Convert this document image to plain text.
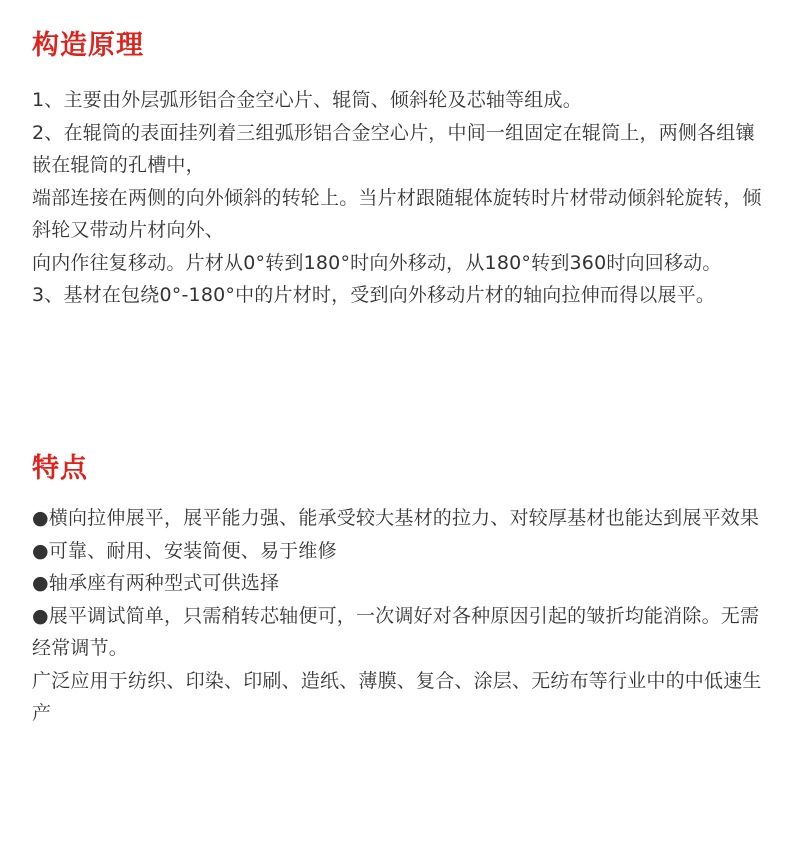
构造原理

1、主要由外层弧形铝合金空心片、辊筒、倾斜轮及芯轴等组成。

2、在辊筒的表面挂列着三组弧形铝合金空心片，中间一组固定在辊筒上，两侧各组镶嵌在辊筒的孔槽中，

端部连接在两侧的向外倾斜的转轮上。当片材跟随辊体旋转时片材带动倾斜轮旋转，倾斜轮又带动片材向外、

向内作往复移动。片材从0°转到180°时向外移动，从180°转到360时向回移动。

3、基材在包绕0°-180°中的片材时，受到向外移动片材的轴向拉伸而得以展平。

特点

●横向拉伸展平，展平能力强、能承受较大基材的拉力、对较厚基材也能达到展平效果

●可靠、耐用、安装简便、易于维修

●轴承座有两种型式可供选择

●展平调试简单，只需稍转芯轴便可，一次调好对各种原因引起的皱折均能消除。无需经常调节。

广泛应用于纺织、印染、印刷、造纸、薄膜、复合、涂层、无纺布等行业中的中低速生产
